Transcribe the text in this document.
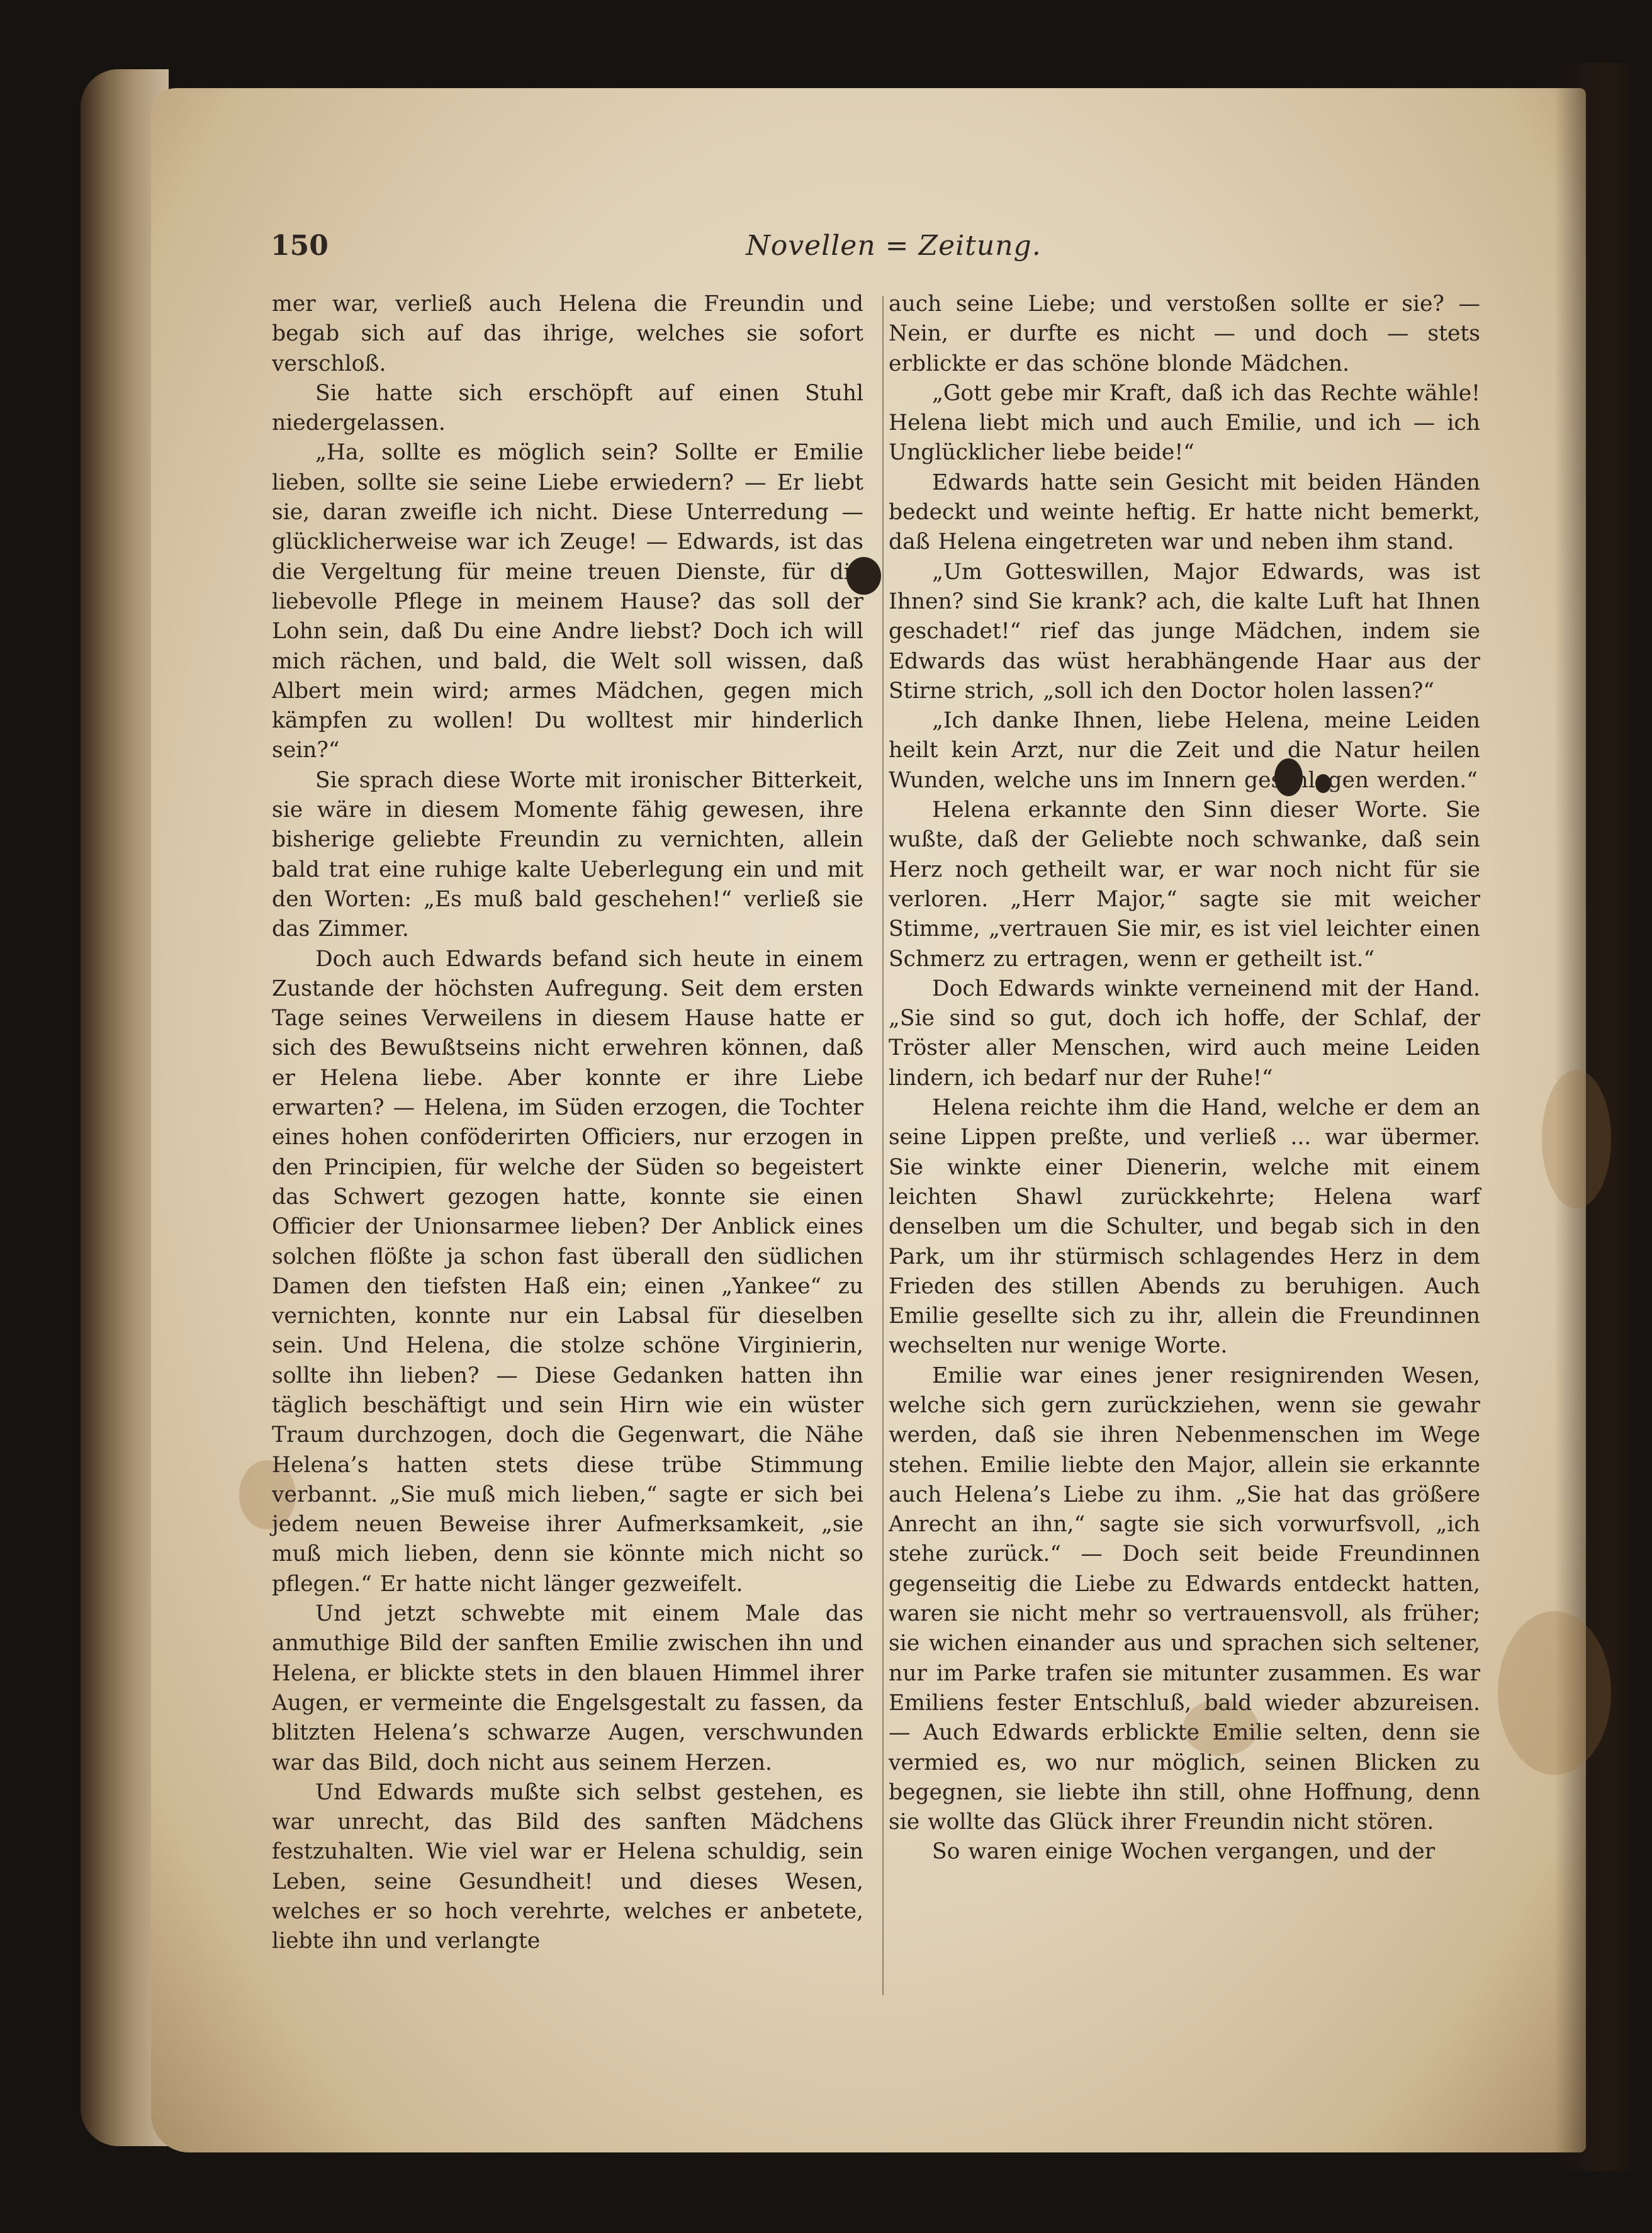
150	Novellen = Zeitung.

mer war, verließ auch Helena die Freundin und begab sich auf das ihrige, welches sie sofort verschloß.

Sie hatte sich erschöpft auf einen Stuhl niedergelassen.

„Ha, sollte es möglich sein? Sollte er Emilie lieben, sollte sie seine Liebe erwiedern? — Er liebt sie, daran zweifle ich nicht. Diese Unterredung — glücklicherweise war ich Zeuge! — Edwards, ist das die Vergeltung für meine treuen Dienste, für die liebevolle Pflege in meinem Hause? das soll der Lohn sein, daß Du eine Andre liebst? Doch ich will mich rächen, und bald, die Welt soll wissen, daß Albert mein wird; armes Mädchen, gegen mich kämpfen zu wollen! Du wolltest mir hinderlich sein?“

Sie sprach diese Worte mit ironischer Bitterkeit, sie wäre in diesem Momente fähig gewesen, ihre bisherige geliebte Freundin zu vernichten, allein bald trat eine ruhige kalte Ueberlegung ein und mit den Worten: „Es muß bald geschehen!“ verließ sie das Zimmer.

Doch auch Edwards befand sich heute in einem Zustande der höchsten Aufregung. Seit dem ersten Tage seines Verweilens in diesem Hause hatte er sich des Bewußtseins nicht erwehren können, daß er Helena liebe. Aber konnte er ihre Liebe erwarten? — Helena, im Süden erzogen, die Tochter eines hohen conföderirten Officiers, nur erzogen in den Principien, für welche der Süden so begeistert das Schwert gezogen hatte, konnte sie einen Officier der Unionsarmee lieben? Der Anblick eines solchen flößte ja schon fast überall den südlichen Damen den tiefsten Haß ein; einen „Yankee“ zu vernichten, konnte nur ein Labsal für dieselben sein. Und Helena, die stolze schöne Virginierin, sollte ihn lieben? — Diese Gedanken hatten ihn täglich beschäftigt und sein Hirn wie ein wüster Traum durchzogen, doch die Gegenwart, die Nähe Helena’s hatten stets diese trübe Stimmung verbannt. „Sie muß mich lieben,“ sagte er sich bei jedem neuen Beweise ihrer Aufmerksamkeit, „sie muß mich lieben, denn sie könnte mich nicht so pflegen.“ Er hatte nicht länger gezweifelt.

Und jetzt schwebte mit einem Male das anmuthige Bild der sanften Emilie zwischen ihn und Helena, er blickte stets in den blauen Himmel ihrer Augen, er vermeinte die Engelsgestalt zu fassen, da blitzten Helena’s schwarze Augen, verschwunden war das Bild, doch nicht aus seinem Herzen.

Und Edwards mußte sich selbst gestehen, es war unrecht, das Bild des sanften Mädchens festzuhalten. Wie viel war er Helena schuldig, sein Leben, seine Gesundheit! und dieses Wesen, welches er so hoch verehrte, welches er anbetete, liebte ihn und verlangte

auch seine Liebe; und verstoßen sollte er sie? — Nein, er durfte es nicht — und doch — stets erblickte er das schöne blonde Mädchen.

„Gott gebe mir Kraft, daß ich das Rechte wähle! Helena liebt mich und auch Emilie, und ich — ich Unglücklicher liebe beide!“

Edwards hatte sein Gesicht mit beiden Händen bedeckt und weinte heftig. Er hatte nicht bemerkt, daß Helena eingetreten war und neben ihm stand.

„Um Gotteswillen, Major Edwards, was ist Ihnen? sind Sie krank? ach, die kalte Luft hat Ihnen geschadet!“ rief das junge Mädchen, indem sie Edwards das wüst herabhängende Haar aus der Stirne strich, „soll ich den Doctor holen lassen?“

„Ich danke Ihnen, liebe Helena, meine Leiden heilt kein Arzt, nur die Zeit und die Natur heilen Wunden, welche uns im Innern geschlagen werden.“

Helena erkannte den Sinn dieser Worte. Sie wußte, daß der Geliebte noch schwanke, daß sein Herz noch getheilt war, er war noch nicht für sie verloren. „Herr Major,“ sagte sie mit weicher Stimme, „vertrauen Sie mir, es ist viel leichter einen Schmerz zu ertragen, wenn er getheilt ist.“

Doch Edwards winkte verneinend mit der Hand. „Sie sind so gut, doch ich hoffe, der Schlaf, der Tröster aller Menschen, wird auch meine Leiden lindern, ich bedarf nur der Ruhe!“

Helena reichte ihm die Hand, welche er dem an seine Lippen preßte, und verließ ... war übermer. Sie winkte einer Dienerin, welche mit einem leichten Shawl zurückkehrte; Helena warf denselben um die Schulter, und begab sich in den Park, um ihr stürmisch schlagendes Herz in dem Frieden des stillen Abends zu beruhigen. Auch Emilie gesellte sich zu ihr, allein die Freundinnen wechselten nur wenige Worte.

Emilie war eines jener resignirenden Wesen, welche sich gern zurückziehen, wenn sie gewahr werden, daß sie ihren Nebenmenschen im Wege stehen. Emilie liebte den Major, allein sie erkannte auch Helena’s Liebe zu ihm. „Sie hat das größere Anrecht an ihn,“ sagte sie sich vorwurfsvoll, „ich stehe zurück.“ — Doch seit beide Freundinnen gegenseitig die Liebe zu Edwards entdeckt hatten, waren sie nicht mehr so vertrauensvoll, als früher; sie wichen einander aus und sprachen sich seltener, nur im Parke trafen sie mitunter zusammen. Es war Emiliens fester Entschluß, bald wieder abzureisen. — Auch Edwards erblickte Emilie selten, denn sie vermied es, wo nur möglich, seinen Blicken zu begegnen, sie liebte ihn still, ohne Hoffnung, denn sie wollte das Glück ihrer Freundin nicht stören.

So waren einige Wochen vergangen, und der
